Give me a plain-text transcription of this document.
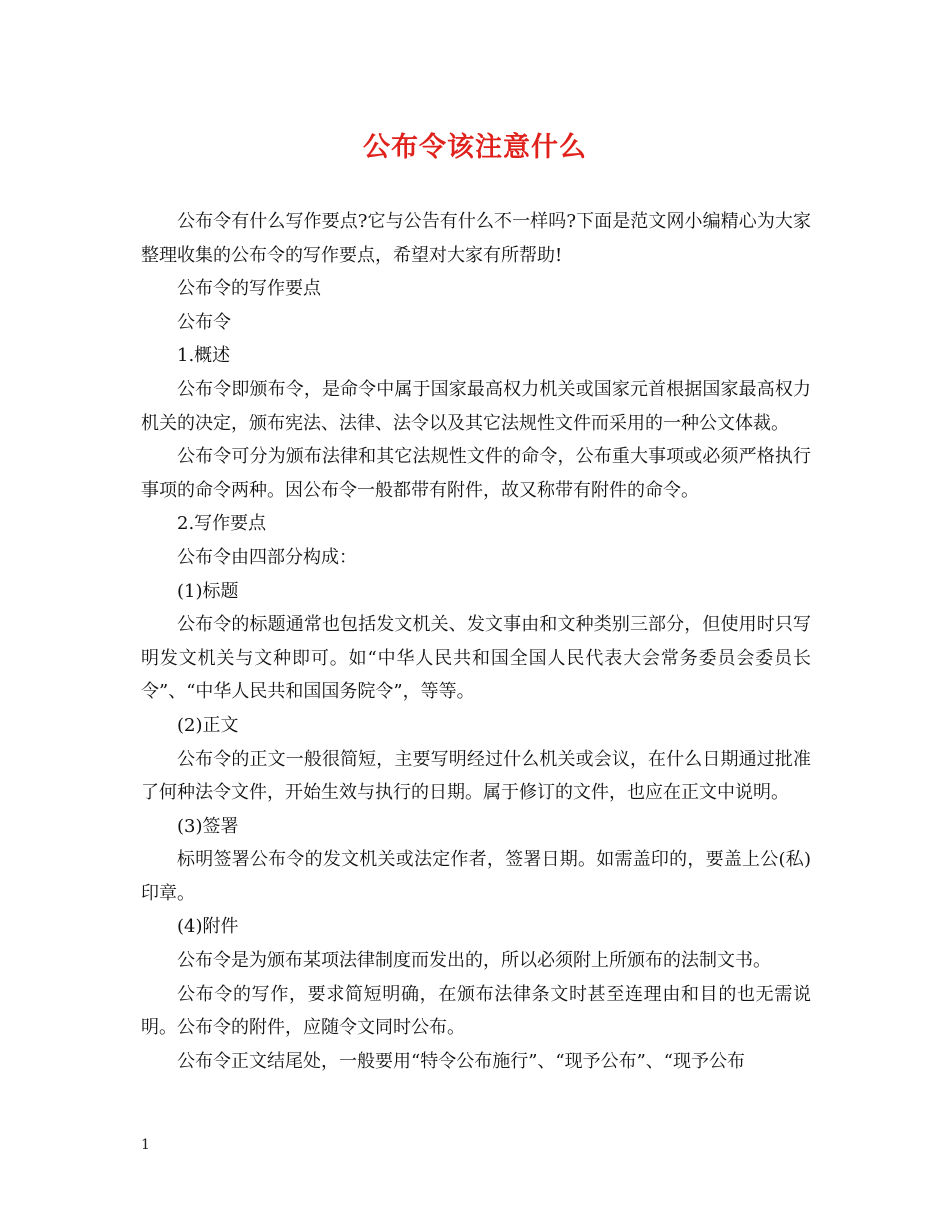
公布令该注意什么

公布令有什么写作要点?它与公告有什么不一样吗?下面是范文网小编精心为大家整理收集的公布令的写作要点，希望对大家有所帮助!

公布令的写作要点

公布令

1.概述

公布令即颁布令，是命令中属于国家最高权力机关或国家元首根据国家最高权力机关的决定，颁布宪法、法律、法令以及其它法规性文件而采用的一种公文体裁。

公布令可分为颁布法律和其它法规性文件的命令，公布重大事项或必须严格执行事项的命令两种。因公布令一般都带有附件，故又称带有附件的命令。

2.写作要点

公布令由四部分构成：

(1)标题

公布令的标题通常也包括发文机关、发文事由和文种类别三部分，但使用时只写明发文机关与文种即可。如“中华人民共和国全国人民代表大会常务委员会委员长令”、“中华人民共和国国务院令”，等等。

(2)正文

公布令的正文一般很简短，主要写明经过什么机关或会议，在什么日期通过批准了何种法令文件，开始生效与执行的日期。属于修订的文件，也应在正文中说明。

(3)签署

标明签署公布令的发文机关或法定作者，签署日期。如需盖印的，要盖上公(私)印章。

(4)附件

公布令是为颁布某项法律制度而发出的，所以必须附上所颁布的法制文书。

公布令的写作，要求简短明确，在颁布法律条文时甚至连理由和目的也无需说明。公布令的附件，应随令文同时公布。

公布令正文结尾处，一般要用“特令公布施行”、“现予公布”、“现予公布

1
